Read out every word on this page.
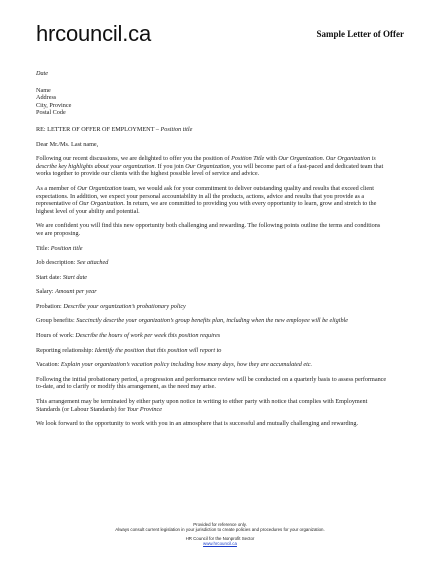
hrcouncil.ca	Sample Letter of Offer

Date

Name

Address

City, Province

Postal Code

RE: LETTER OF OFFER OF EMPLOYMENT – Position title

Dear Mr./Ms. Last name,

Following our recent discussions, we are delighted to offer you the position of Position Title with Our Organization. Our Organization is describe key highlights about your organization. If you join Our Organization, you will become part of a fast-paced and dedicated team that works together to provide our clients with the highest possible level of service and advice.

As a member of Our Organization team, we would ask for your commitment to deliver outstanding quality and results that exceed client expectations. In addition, we expect your personal accountability in all the products, actions, advice and results that you provide as a representative of Our Organization. In return, we are committed to providing you with every opportunity to learn, grow and stretch to the highest level of your ability and potential.

We are confident you will find this new opportunity both challenging and rewarding. The following points outline the terms and conditions we are proposing.

Title: Position title

Job description: See attached

Start date: Start date

Salary: Amount per year

Probation: Describe your organization’s probationary policy

Group benefits: Succinctly describe your organization’s group benefits plan, including when the new employee will be eligible

Hours of work: Describe the hours of work per week this position requires

Reporting relationship: Identify the position that this position will report to

Vacation: Explain your organization’s vacation policy including how many days, how they are accumulated etc.

Following the initial probationary period, a progression and performance review will be conducted on a quarterly basis to assess performance to-date, and to clarify or modify this arrangement, as the need may arise.

This arrangement may be terminated by either party upon notice in writing to either party with notice that complies with Employment Standards (or Labour Standards) for Your Province

We look forward to the opportunity to work with you in an atmosphere that is successful and mutually challenging and rewarding.

Provided for reference only.
Always consult current legislation in your jurisdiction to create policies and procedures for your organization.
HR Council for the Nonprofit Sector
www.hrcouncil.ca
